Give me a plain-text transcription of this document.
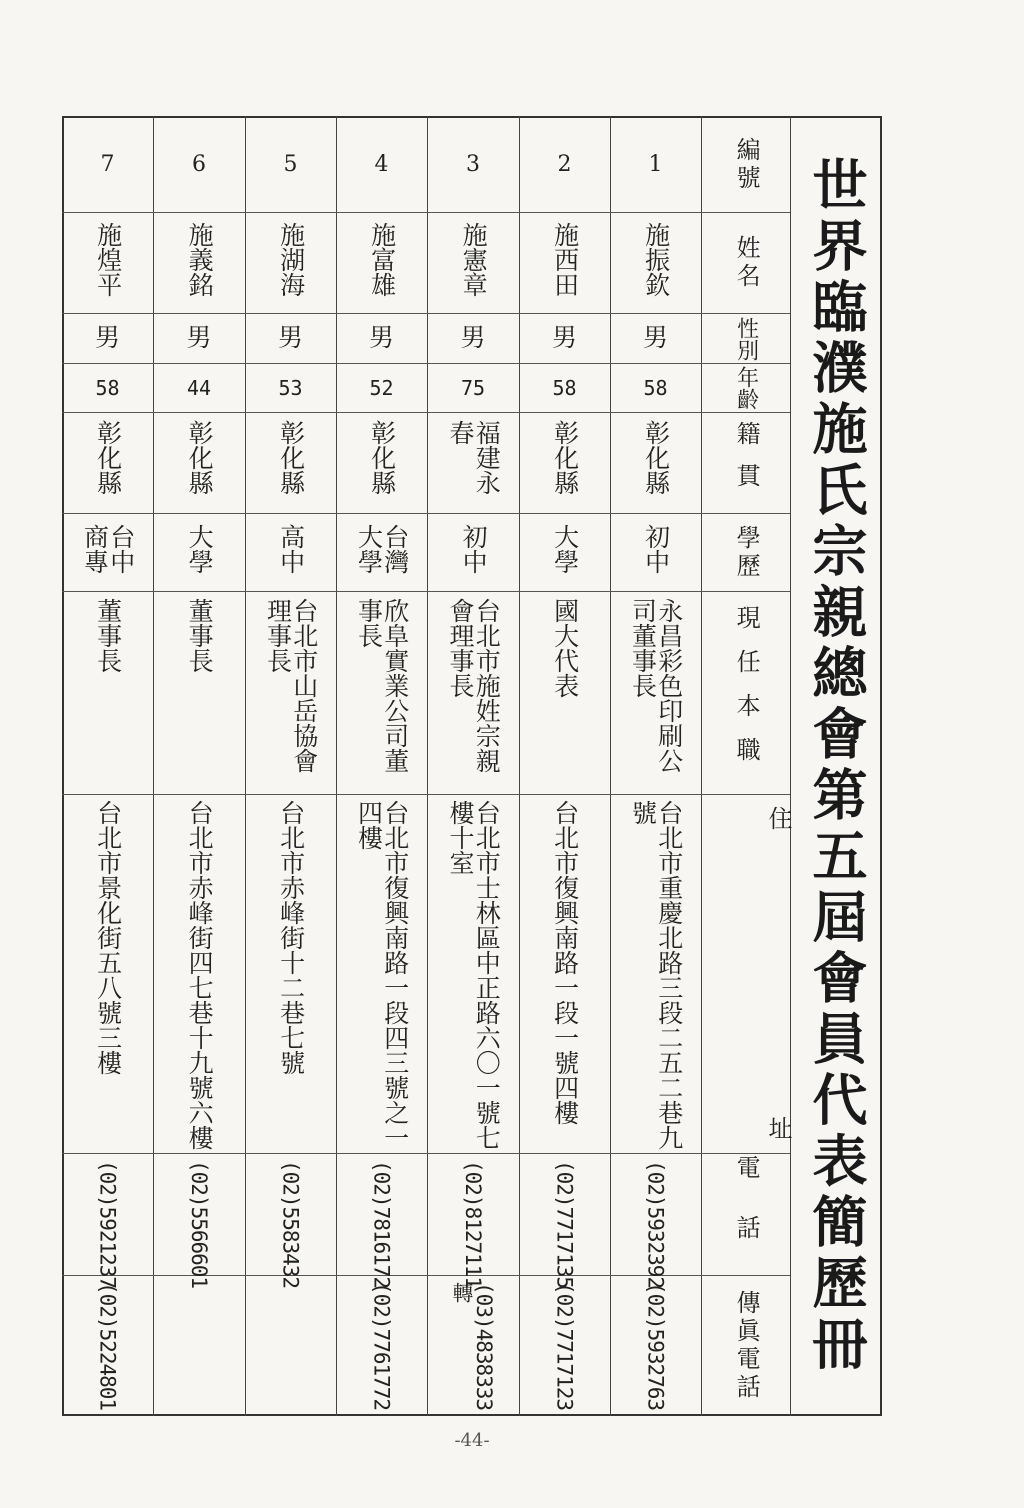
世界臨濮施氏宗親總會第五屆會員代表簡歷冊
編號
姓名
性別
年齡
籍貫
學歷
現任本職
住
址
電話
傳眞電話
1
施振欽
男
58
彰化縣
初中
永昌彩色印刷公司董事長
台北市重慶北路三段二五二巷九號
(02)5932392
(02)5932763
2
施西田
男
58
彰化縣
大學
國大代表
台北市復興南路一段一號四樓
(02)7717135
(02)7717123
3
施憲章
男
75
福建永春
初中
台北市施姓宗親會理事長
台北市士林區中正路六〇一號七樓十室
(02)8127111
(03)4838333轉
4
施富雄
男
52
彰化縣
台灣大學
欣阜實業公司董事長
台北市復興南路一段四三號之一四樓
(02)7816172
(02)7761772
5
施湖海
男
53
彰化縣
高中
台北市山岳協會理事長
台北市赤峰街十二巷七號
(02)5583432
6
施義銘
男
44
彰化縣
大學
董事長
台北市赤峰街四七巷十九號六樓
(02)5566601
7
施煌平
男
58
彰化縣
台中商專
董事長
台北市景化街五八號三樓
(02)5921237
(02)5224801
-44-
